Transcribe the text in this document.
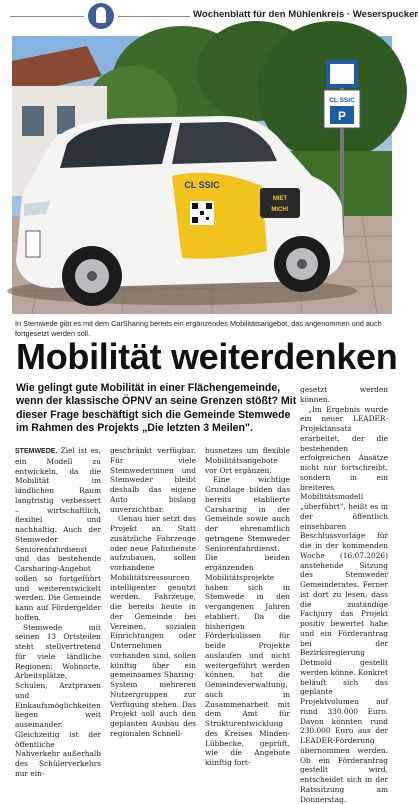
Wochenblatt für den Mühlenkreis · Weserspucker
CL SSIC
P
MIET
MICH!
CL SSIC
In Stemwede gibt es mit dem CarSharing bereits ein ergänzendes Mobilitätsangebot, das angenommen und auch fortgesetzt werden soll.
Mobilität weiterdenken
Wie gelingt gute Mobilität in einer Flächengemeinde, wenn der klassische ÖPNV an seine Grenzen stößt? Mit dieser Frage beschäftigt sich die Gemeinde Stemwede im Rahmen des Projekts „Die letzten 3 Meilen".

STEMWEDE. Ziel ist es, ein Modell zu entwickeln, da die Mobilität im ländlichen Raum langfristig verbessert – wirtschaftlich, flexibel und nachhaltig. Auch der Stemweder Seniorenfahrdienst und das bestehende Carsharing-Angebot sollen so fortgeführt und weiterentwickelt werden. Die Gemeinde kann auf Fördergelder hoffen.

Stemwede mit seinen 13 Ortsteilen steht stellvertretend für viele ländliche Regionen: Wohnorte, Arbeitsplätze, Schulen, Arztpraxen und Einkaufsmöglichkeiten liegen weit auseinander. Gleichzeitig ist der öffentliche Nahverkehr außerhalb des Schülerverkehrs nur ein-

geschränkt verfügbar. Für viele Stemwederinnen und Stemweder bleibt deshalb das eigene Auto bislang unverzichtbar.

Genau hier setzt das Projekt an. Statt zusätzliche Fahrzeuge oder neue Fahrdienste aufzubauen, sollen vorhandene Mobilitätsressourcen intelligenter genutzt werden. Fahrzeuge, die bereits heute in der Gemeinde bei Vereinen, sozialen Einrichtungen oder Unternehmen vorhanden sind, sollen künftig über ein gemeinsames Sharing-System mehreren Nutzergruppen zur Verfügung stehen. Das Projekt soll auch den geplanten Ausbau des regionalen Schnell-

busnetzes um flexible Mobilitätsangebote vor Ort ergänzen.

Eine wichtige Grundlage bilden das bereits etablierte Carsharing in der Gemeinde sowie auch der ehrenamtlich getragene Stemweder Seniorenfahrdienst. Die beiden ergänzenden Mobilitätsprojekte haben sich in Stemwede in den vergangenen Jahren etabliert. Da die bisherigen Förderkulissen für beide Projekte auslaufen und nicht weitergeführt werden können, hat die Gemeindeverwaltung, auch in Zusammenarbeit mit dem Amt für Strukturentwicklung des Kreises Minden-Lübbecke, geprüft, wie die Angebote künftig fort-

gesetzt werden können.

„Im Ergebnis wurde ein neuer LEADER-Projektansatz erarbeitet, der die bestehenden erfolgreichen Ansätze nicht nur fortschreibt, sondern in ein breiteres Mobilitätsmodell „überführt", heißt es in der öffentlich einsehbaren Beschlussvorlage für die in der kommenden Woche (16.07.2026) anstehende Sitzung des Stemweder Gemeinderates. Ferner ist dort zu lesen, dass die zuständige Fachjury das Projekt positiv bewertet habe und ein Förderantrag bei der Bezirksregierung Detmold gestellt werden könne. Konkret beläuft sich das geplante Projektvolumen auf rund 330.000 Euro. Davon könnten rund 230.000 Euro aus der LEADER-Förderung übernommen werden. Ob ein Förderantrag gestellt wird, entscheidet sich in der Ratssitzung am Donnerstag.
